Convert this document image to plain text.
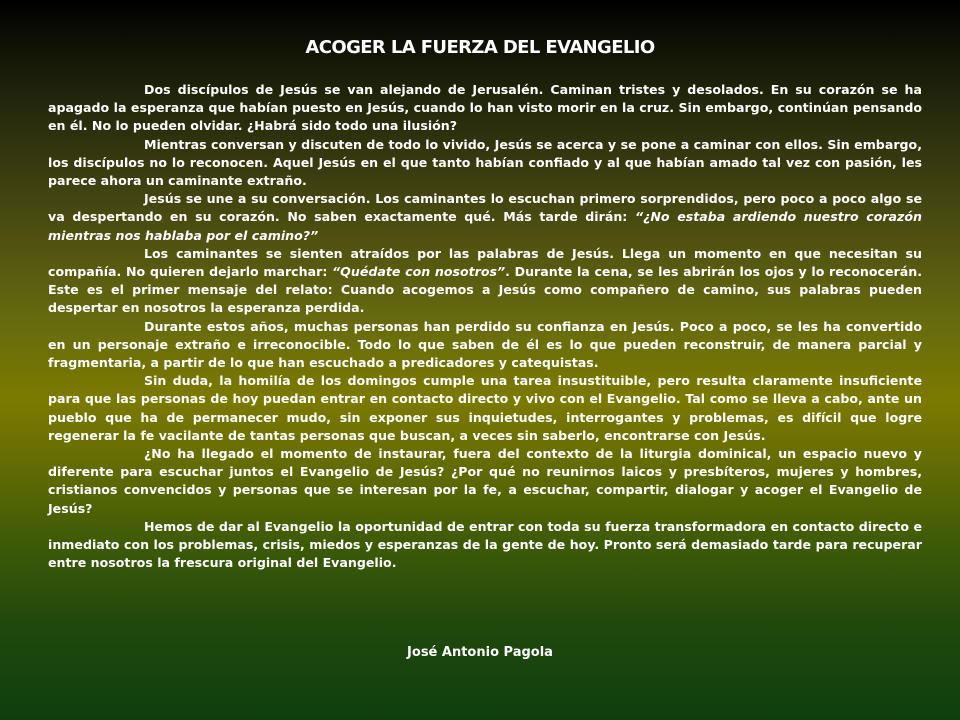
ACOGER LA FUERZA DEL EVANGELIO

Dos discípulos de Jesús se van alejando de Jerusalén. Caminan tristes y desolados. En su corazón se ha apagado la esperanza que habían puesto en Jesús, cuando lo han visto morir en la cruz. Sin embargo, continúan pensando en él. No lo pueden olvidar. ¿Habrá sido todo una ilusión?

Mientras conversan y discuten de todo lo vivido, Jesús se acerca y se pone a caminar con ellos. Sin embargo, los discípulos no lo reconocen. Aquel Jesús en el que tanto habían confiado y al que habían amado tal vez con pasión, les parece ahora un caminante extraño.

Jesús se une a su conversación. Los caminantes lo escuchan primero sorprendidos, pero poco a poco algo se va despertando en su corazón. No saben exactamente qué. Más tarde dirán: “¿No estaba ardiendo nuestro corazón mientras nos hablaba por el camino?”

Los caminantes se sienten atraídos por las palabras de Jesús. Llega un momento en que necesitan su compañía. No quieren dejarlo marchar: “Quédate con nosotros”. Durante la cena, se les abrirán los ojos y lo reconocerán. Este es el primer mensaje del relato: Cuando acogemos a Jesús como compañero de camino, sus palabras pueden despertar en nosotros la esperanza perdida.

Durante estos años, muchas personas han perdido su confianza en Jesús. Poco a poco, se les ha convertido en un personaje extraño e irreconocible. Todo lo que saben de él es lo que pueden reconstruir, de manera parcial y fragmentaria, a partir de lo que han escuchado a predicadores y catequistas.

Sin duda, la homilía de los domingos cumple una tarea insustituible, pero resulta claramente insuficiente para que las personas de hoy puedan entrar en contacto directo y vivo con el Evangelio. Tal como se lleva a cabo, ante un pueblo que ha de permanecer mudo, sin exponer sus inquietudes, interrogantes y problemas, es difícil que logre regenerar la fe vacilante de tantas personas que buscan, a veces sin saberlo, encontrarse con Jesús.

¿No ha llegado el momento de instaurar, fuera del contexto de la liturgia dominical, un espacio nuevo y diferente para escuchar juntos el Evangelio de Jesús? ¿Por qué no reunirnos laicos y presbíteros, mujeres y hombres, cristianos convencidos y personas que se interesan por la fe, a escuchar, compartir, dialogar y acoger el Evangelio de Jesús?

Hemos de dar al Evangelio la oportunidad de entrar con toda su fuerza transformadora en contacto directo e inmediato con los problemas, crisis, miedos y esperanzas de la gente de hoy. Pronto será demasiado tarde para recuperar entre nosotros la frescura original del Evangelio.

José Antonio Pagola
